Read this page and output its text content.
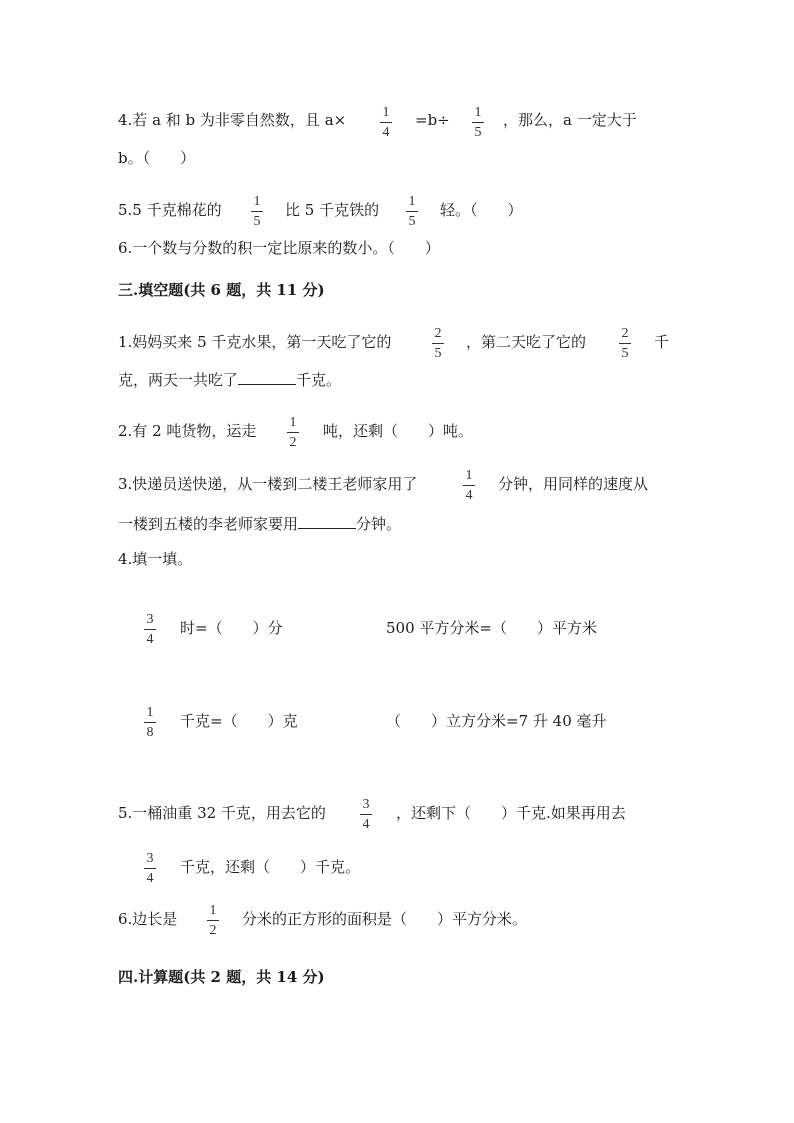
4.若 a 和 b 为非零自然数，且 a×	1
4
=b÷ 1
5
，那么，a 一定大于
b。（　　）
5.5 千克棉花的 1
5
比 5 千克铁的 1
5
轻。（　　）
6.一个数与分数的积一定比原来的数小。（　　）
三.填空题(共 6 题，共 11 分)
1.妈妈买来 5 千克水果，第一天吃了它的	2
5
，第二天吃了它的	2
5
千
克，两天一共吃了	千克。
2.有 2 吨货物，运走 1
2
吨，还剩（　　）吨。
3.快递员送快递，从一楼到二楼王老师家用了	1
4
分钟，用同样的速度从
一楼到五楼的李老师家要用	分钟。
4.填一填。
3
4
时=（　　）分	500 平方分米=（　　）平方米
1
8
千克=（　　）克	（　　）立方分米=7 升 40 毫升
5.一桶油重 32 千克，用去它的	3
4
，还剩下（　　）千克.如果再用去
3
4
千克，还剩（　　）千克。
6.边长是 1
2
分米的正方形的面积是（　　）平方分米。
四.计算题(共 2 题，共 14 分)
